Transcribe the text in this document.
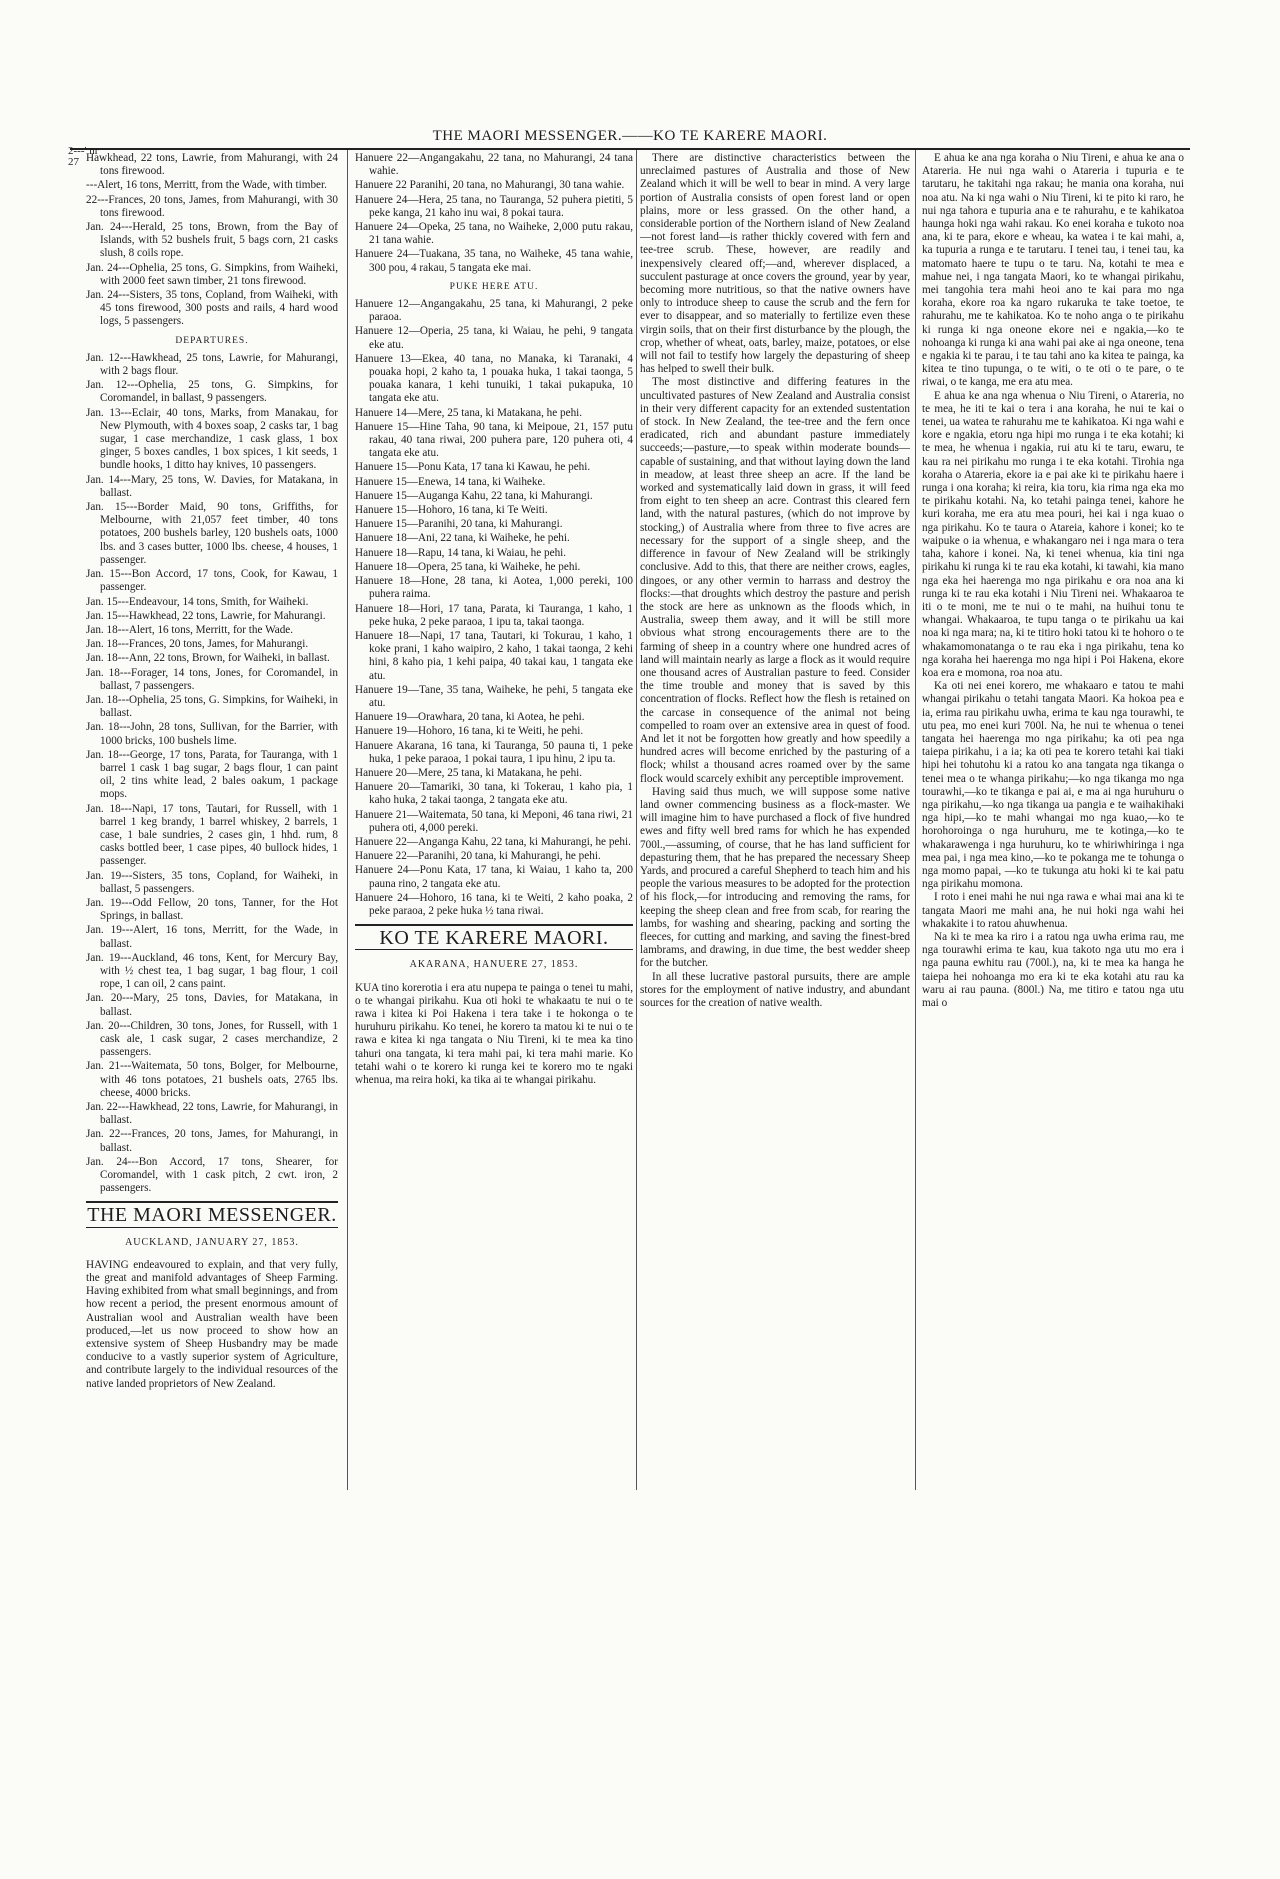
THE MAORI MESSENGER.——KO TE KARERE MAORI.
2---' nr 27 Hawkhead, 22 tons, Lawrie, from Mahurangi, with 24 tons firewood.

---Alert, 16 tons, Merritt, from the Wade, with timber.

22---Frances, 20 tons, James, from Mahurangi, with 30 tons firewood.

Jan. 24---Herald, 25 tons, Brown, from the Bay of Islands, with 52 bushels fruit, 5 bags corn, 21 casks slush, 8 coils rope.

Jan. 24---Ophelia, 25 tons, G. Simpkins, from Waiheki, with 2000 feet sawn timber, 21 tons firewood.

Jan. 24---Sisters, 35 tons, Copland, from Waiheki, with 45 tons firewood, 300 posts and rails, 4 hard wood logs, 5 passengers.

DEPARTURES.

Jan. 12---Hawkhead, 25 tons, Lawrie, for Mahurangi, with 2 bags flour.

Jan. 12---Ophelia, 25 tons, G. Simpkins, for Coromandel, in ballast, 9 passengers.

Jan. 13---Eclair, 40 tons, Marks, from Manakau, for New Plymouth, with 4 boxes soap, 2 casks tar, 1 bag sugar, 1 case merchandize, 1 cask glass, 1 box ginger, 5 boxes candles, 1 box spices, 1 kit seeds, 1 bundle hooks, 1 ditto hay knives, 10 passengers.

Jan. 14---Mary, 25 tons, W. Davies, for Matakana, in ballast.

Jan. 15---Border Maid, 90 tons, Griffiths, for Melbourne, with 21,057 feet timber, 40 tons potatoes, 200 bushels barley, 120 bushels oats, 1000 lbs. and 3 cases butter, 1000 lbs. cheese, 4 houses, 1 passenger.

Jan. 15---Bon Accord, 17 tons, Cook, for Kawau, 1 passenger.

Jan. 15---Endeavour, 14 tons, Smith, for Waiheki.

Jan. 15---Hawkhead, 22 tons, Lawrie, for Mahurangi.

Jan. 18---Alert, 16 tons, Merritt, for the Wade.

Jan. 18---Frances, 20 tons, James, for Mahurangi.

Jan. 18---Ann, 22 tons, Brown, for Waiheki, in ballast.

Jan. 18---Forager, 14 tons, Jones, for Coromandel, in ballast, 7 passengers.

Jan. 18---Ophelia, 25 tons, G. Simpkins, for Waiheki, in ballast.

Jan. 18---John, 28 tons, Sullivan, for the Barrier, with 1000 bricks, 100 bushels lime.

Jan. 18---George, 17 tons, Parata, for Tauranga, with 1 barrel 1 cask 1 bag sugar, 2 bags flour, 1 can paint oil, 2 tins white lead, 2 bales oakum, 1 package mops.

Jan. 18---Napi, 17 tons, Tautari, for Russell, with 1 barrel 1 keg brandy, 1 barrel whiskey, 2 barrels, 1 case, 1 bale sundries, 2 cases gin, 1 hhd. rum, 8 casks bottled beer, 1 case pipes, 40 bullock hides, 1 passenger.

Jan. 19---Sisters, 35 tons, Copland, for Waiheki, in ballast, 5 passengers.

Jan. 19---Odd Fellow, 20 tons, Tanner, for the Hot Springs, in ballast.

Jan. 19---Alert, 16 tons, Merritt, for the Wade, in ballast.

Jan. 19---Auckland, 46 tons, Kent, for Mercury Bay, with ½ chest tea, 1 bag sugar, 1 bag flour, 1 coil rope, 1 can oil, 2 cans paint.

Jan. 20---Mary, 25 tons, Davies, for Matakana, in ballast.

Jan. 20---Children, 30 tons, Jones, for Russell, with 1 cask ale, 1 cask sugar, 2 cases merchandize, 2 passengers.

Jan. 21---Waitemata, 50 tons, Bolger, for Melbourne, with 46 tons potatoes, 21 bushels oats, 2765 lbs. cheese, 4000 bricks.

Jan. 22---Hawkhead, 22 tons, Lawrie, for Mahurangi, in ballast.

Jan. 22---Frances, 20 tons, James, for Mahurangi, in ballast.

Jan. 24---Bon Accord, 17 tons, Shearer, for Coromandel, with 1 cask pitch, 2 cwt. iron, 2 passengers.

THE MAORI MESSENGER.
AUCKLAND, JANUARY 27, 1853.

HAVING endeavoured to explain, and that very fully, the great and manifold advantages of Sheep Farming. Having exhibited from what small beginnings, and from how recent a period, the present enormous amount of Australian wool and Australian wealth have been produced,—let us now proceed to show how an extensive system of Sheep Husbandry may be made conducive to a vastly superior system of Agriculture, and contribute largely to the individual resources of the native landed proprietors of New Zealand.

Hanuere 22—Angangakahu, 22 tana, no Mahurangi, 24 tana wahie.

Hanuere 22 Paranihi, 20 tana, no Mahurangi, 30 tana wahie.

Hanuere 24—Hera, 25 tana, no Tauranga, 52 puhera pietiti, 5 peke kanga, 21 kaho inu wai, 8 pokai taura.

Hanuere 24—Opeka, 25 tana, no Waiheke, 2,000 putu rakau, 21 tana wahie.

Hanuere 24—Tuakana, 35 tana, no Waiheke, 45 tana wahie, 300 pou, 4 rakau, 5 tangata eke mai.

PUKE HERE ATU.

Hanuere 12—Angangakahu, 25 tana, ki Mahurangi, 2 peke paraoa.

Hanuere 12—Operia, 25 tana, ki Waiau, he pehi, 9 tangata eke atu.

Hanuere 13—Ekea, 40 tana, no Manaka, ki Taranaki, 4 pouaka hopi, 2 kaho ta, 1 pouaka huka, 1 takai taonga, 5 pouaka kanara, 1 kehi tunuiki, 1 takai pukapuka, 10 tangata eke atu.

Hanuere 14—Mere, 25 tana, ki Matakana, he pehi.

Hanuere 15—Hine Taha, 90 tana, ki Meipoue, 21, 157 putu rakau, 40 tana riwai, 200 puhera pare, 120 puhera oti, 4 tangata eke atu.

Hanuere 15—Ponu Kata, 17 tana ki Kawau, he pehi.

Hanuere 15—Enewa, 14 tana, ki Waiheke.

Hanuere 15—Auganga Kahu, 22 tana, ki Mahurangi.

Hanuere 15—Hohoro, 16 tana, ki Te Weiti.

Hanuere 15—Paranihi, 20 tana, ki Mahurangi.

Hanuere 18—Ani, 22 tana, ki Waiheke, he pehi.

Hanuere 18—Rapu, 14 tana, ki Waiau, he pehi.

Hanuere 18—Opera, 25 tana, ki Waiheke, he pehi.

Hanuere 18—Hone, 28 tana, ki Aotea, 1,000 pereki, 100 puhera raima.

Hanuere 18—Hori, 17 tana, Parata, ki Tauranga, 1 kaho, 1 peke huka, 2 peke paraoa, 1 ipu ta, takai taonga.

Hanuere 18—Napi, 17 tana, Tautari, ki Tokurau, 1 kaho, 1 koke prani, 1 kaho waipiro, 2 kaho, 1 takai taonga, 2 kehi hini, 8 kaho pia, 1 kehi paipa, 40 takai kau, 1 tangata eke atu.

Hanuere 19—Tane, 35 tana, Waiheke, he pehi, 5 tangata eke atu.

Hanuere 19—Orawhara, 20 tana, ki Aotea, he pehi.

Hanuere 19—Hohoro, 16 tana, ki te Weiti, he pehi.

Hanuere Akarana, 16 tana, ki Tauranga, 50 pauna ti, 1 peke huka, 1 peke paraoa, 1 pokai taura, 1 ipu hinu, 2 ipu ta.

Hanuere 20—Mere, 25 tana, ki Matakana, he pehi.

Hanuere 20—Tamariki, 30 tana, ki Tokerau, 1 kaho pia, 1 kaho huka, 2 takai taonga, 2 tangata eke atu.

Hanuere 21—Waitemata, 50 tana, ki Meponi, 46 tana riwi, 21 puhera oti, 4,000 pereki.

Hanuere 22—Anganga Kahu, 22 tana, ki Mahurangi, he pehi.

Hanuere 22—Paranihi, 20 tana, ki Mahurangi, he pehi.

Hanuere 24—Ponu Kata, 17 tana, ki Waiau, 1 kaho ta, 200 pauna rino, 2 tangata eke atu.

Hanuere 24—Hohoro, 16 tana, ki te Weiti, 2 kaho poaka, 2 peke paraoa, 2 peke huka ½ tana riwai.

KO TE KARERE MAORI.
AKARANA, HANUERE 27, 1853.

KUA tino korerotia i era atu nupepa te painga o tenei tu mahi, o te whangai pirikahu. Kua oti hoki te whakaatu te nui o te rawa i kitea ki Poi Hakena i tera take i te hokonga o te huruhuru pirikahu. Ko tenei, he korero ta matou ki te nui o te rawa e kitea ki nga tangata o Niu Tireni, ki te mea ka tino tahuri ona tangata, ki tera mahi pai, ki tera mahi marie. Ko tetahi wahi o te korero ki runga kei te korero mo te ngaki whenua, ma reira hoki, ka tika ai te whangai pirikahu.

There are distinctive characteristics between the unreclaimed pastures of Australia and those of New Zealand which it will be well to bear in mind. A very large portion of Australia consists of open forest land or open plains, more or less grassed. On the other hand, a considerable portion of the Northern island of New Zealand—not forest land—is rather thickly covered with fern and tee-tree scrub. These, however, are readily and inexpensively cleared off;—and, wherever displaced, a succulent pasturage at once covers the ground, year by year, becoming more nutritious, so that the native owners have only to introduce sheep to cause the scrub and the fern for ever to disappear, and so materially to fertilize even these virgin soils, that on their first disturbance by the plough, the crop, whether of wheat, oats, barley, maize, potatoes, or else will not fail to testify how largely the depasturing of sheep has helped to swell their bulk.

The most distinctive and differing features in the uncultivated pastures of New Zealand and Australia consist in their very different capacity for an extended sustentation of stock. In New Zealand, the tee-tree and the fern once eradicated, rich and abundant pasture immediately succeeds;—pasture,—to speak within moderate bounds—capable of sustaining, and that without laying down the land in meadow, at least three sheep an acre. If the land be worked and systematically laid down in grass, it will feed from eight to ten sheep an acre. Contrast this cleared fern land, with the natural pastures, (which do not improve by stocking,) of Australia where from three to five acres are necessary for the support of a single sheep, and the difference in favour of New Zealand will be strikingly conclusive. Add to this, that there are neither crows, eagles, dingoes, or any other vermin to harrass and destroy the flocks:—that droughts which destroy the pasture and perish the stock are here as unknown as the floods which, in Australia, sweep them away, and it will be still more obvious what strong encouragements there are to the farming of sheep in a country where one hundred acres of land will maintain nearly as large a flock as it would require one thousand acres of Australian pasture to feed. Consider the time trouble and money that is saved by this concentration of flocks. Reflect how the flesh is retained on the carcase in consequence of the animal not being compelled to roam over an extensive area in quest of food. And let it not be forgotten how greatly and how speedily a hundred acres will become enriched by the pasturing of a flock; whilst a thousand acres roamed over by the same flock would scarcely exhibit any perceptible improvement.

Having said thus much, we will suppose some native land owner commencing business as a flock-master. We will imagine him to have purchased a flock of five hundred ewes and fifty well bred rams for which he has expended 700l.,—assuming, of course, that he has land sufficient for depasturing them, that he has prepared the necessary Sheep Yards, and procured a careful Shepherd to teach him and his people the various measures to be adopted for the protection of his flock,—for introducing and removing the rams, for keeping the sheep clean and free from scab, for rearing the lambs, for washing and shearing, packing and sorting the fleeces, for cutting and marking, and saving the finest-bred lambrams, and drawing, in due time, the best wedder sheep for the butcher.

In all these lucrative pastoral pursuits, there are ample stores for the employment of native industry, and abundant sources for the creation of native wealth.

E ahua ke ana nga koraha o Niu Tireni, e ahua ke ana o Atareria. He nui nga wahi o Atareria i tupuria e te tarutaru, he takitahi nga rakau; he mania ona koraha, nui noa atu. Na ki nga wahi o Niu Tireni, ki te pito ki raro, he nui nga tahora e tupuria ana e te rahurahu, e te kahikatoa haunga hoki nga wahi rakau. Ko enei koraha e tukoto noa ana, ki te para, ekore e wheau, ka watea i te kai mahi, a, ka tupuria a runga e te tarutaru. I tenei tau, i tenei tau, ka matomato haere te tupu o te taru. Na, kotahi te mea e mahue nei, i nga tangata Maori, ko te whangai pirikahu, mei tangohia tera mahi heoi ano te kai para mo nga koraha, ekore roa ka ngaro rukaruka te take toetoe, te rahurahu, me te kahikatoa. Ko te noho anga o te pirikahu ki runga ki nga oneone ekore nei e ngakia,—ko te nohoanga ki runga ki ana wahi pai ake ai nga oneone, tena e ngakia ki te parau, i te tau tahi ano ka kitea te painga, ka kitea te tino tupunga, o te witi, o te oti o te pare, o te riwai, o te kanga, me era atu mea.

E ahua ke ana nga whenua o Niu Tireni, o Atareria, no te mea, he iti te kai o tera i ana koraha, he nui te kai o tenei, ua watea te rahurahu me te kahikatoa. Ki nga wahi e kore e ngakia, etoru nga hipi mo runga i te eka kotahi; ki te mea, he whenua i ngakia, rui atu ki te taru, ewaru, te kau ra nei pirikahu mo runga i te eka kotahi. Tirohia nga koraha o Atareria, ekore ia e pai ake ki te pirikahu haere i runga i ona koraha; ki reira, kia toru, kia rima nga eka mo te pirikahu kotahi. Na, ko tetahi painga tenei, kahore he kuri koraha, me era atu mea pouri, hei kai i nga kuao o nga pirikahu. Ko te taura o Atareia, kahore i konei; ko te waipuke o ia whenua, e whakangaro nei i nga mara o tera taha, kahore i konei. Na, ki tenei whenua, kia tini nga pirikahu ki runga ki te rau eka kotahi, ki tawahi, kia mano nga eka hei haerenga mo nga pirikahu e ora noa ana ki runga ki te rau eka kotahi i Niu Tireni nei. Whakaaroa te iti o te moni, me te nui o te mahi, na huihui tonu te whangai. Whakaaroa, te tupu tanga o te pirikahu ua kai noa ki nga mara; na, ki te titiro hoki tatou ki te hohoro o te whakamomonatanga o te rau eka i nga pirikahu, tena ko nga koraha hei haerenga mo nga hipi i Poi Hakena, ekore koa era e momona, roa noa atu.

Ka oti nei enei korero, me whakaaro e tatou te mahi whangai pirikahu o tetahi tangata Maori. Ka hokoa pea e ia, erima rau pirikahu uwha, erima te kau nga tourawhi, te utu pea, mo enei kuri 700l. Na, he nui te whenua o tenei tangata hei haerenga mo nga pirikahu; ka oti pea nga taiepa pirikahu, i a ia; ka oti pea te korero tetahi kai tiaki hipi hei tohutohu ki a ratou ko ana tangata nga tikanga o tenei mea o te whanga pirikahu;—ko nga tikanga mo nga tourawhi,—ko te tikanga e pai ai, e ma ai nga huruhuru o nga pirikahu,—ko nga tikanga ua pangia e te waihakihaki nga hipi,—ko te mahi whangai mo nga kuao,—ko te horohoroinga o nga huruhuru, me te kotinga,—ko te whakarawenga i nga huruhuru, ko te whiriwhiringa i nga mea pai, i nga mea kino,—ko te pokanga me te tohunga o nga momo papai, —ko te tukunga atu hoki ki te kai patu nga pirikahu momona.

I roto i enei mahi he nui nga rawa e whai mai ana ki te tangata Maori me mahi ana, he nui hoki nga wahi hei whakakite i to ratou ahuwhenua.

Na ki te mea ka riro i a ratou nga uwha erima rau, me nga tourawhi erima te kau, kua takoto nga utu mo era i nga pauna ewhitu rau (700l.), na, ki te mea ka hanga he taiepa hei nohoanga mo era ki te eka kotahi atu rau ka waru ai rau pauna. (800l.) Na, me titiro e tatou nga utu mai o
